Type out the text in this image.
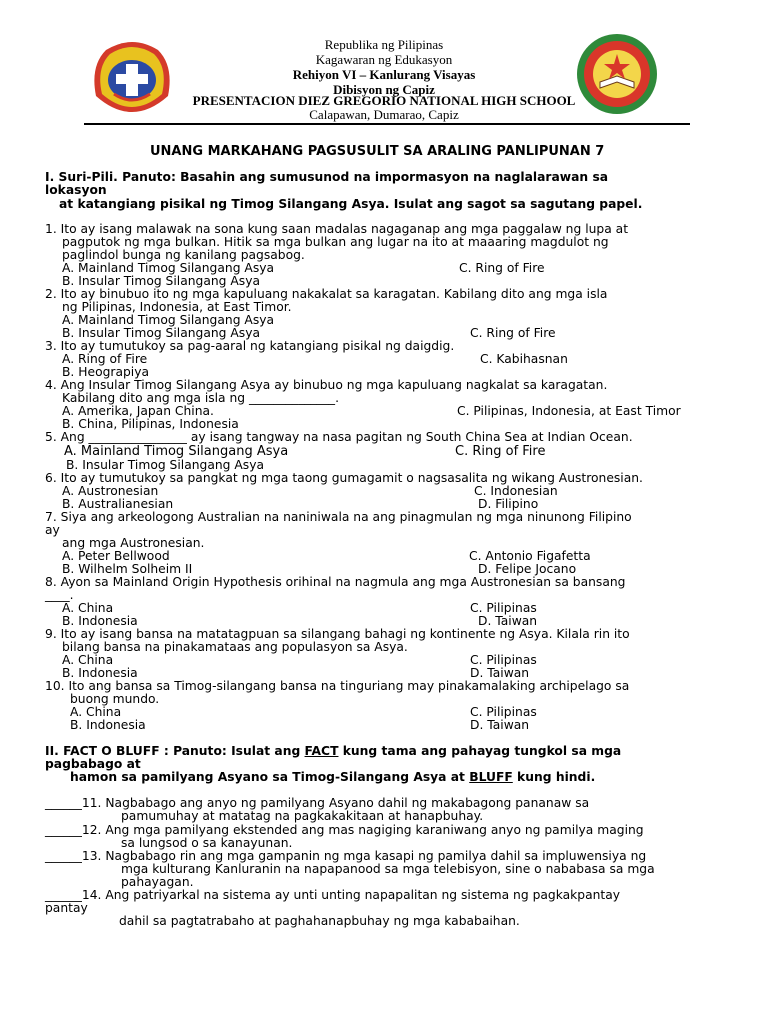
Republika ng Pilipinas
Kagawaran ng Edukasyon
Rehiyon VI – Kanlurang Visayas
Dibisyon ng Capiz
PRESENTACION DIEZ GREGORIO NATIONAL HIGH SCHOOL
Calapawan, Dumarao, Capiz
UNANG MARKAHANG PAGSUSULIT SA ARALING PANLIPUNAN 7
I. Suri-Pili. Panuto: Basahin ang sumusunod na impormasyon na naglalarawan sa
lokasyon
at katangiang pisikal ng Timog Silangang Asya. Isulat ang sagot sa sagutang papel.
1. Ito ay isang malawak na sona kung saan madalas nagaganap ang mga paggalaw ng lupa at
pagputok ng mga bulkan. Hitik sa mga bulkan ang lugar na ito at maaaring magdulot ng
paglindol bunga ng kanilang pagsabog.
A. Mainland Timog Silangang Asya	C. Ring of Fire
B. Insular Timog Silangang Asya
2. Ito ay binubuo ito ng mga kapuluang nakakalat sa karagatan. Kabilang dito ang mga isla
ng Pilipinas, Indonesia, at East Timor.
A. Mainland Timog Silangang Asya
B. Insular Timog Silangang Asya	C. Ring of Fire
3. Ito ay tumutukoy sa pag-aaral ng katangiang pisikal ng daigdig.
A. Ring of Fire	C. Kabihasnan
B. Heograpiya
4. Ang Insular Timog Silangang Asya ay binubuo ng mga kapuluang nagkalat sa karagatan.
Kabilang dito ang mga isla ng ______________.
A. Amerika, Japan China.	C. Pilipinas, Indonesia, at East Timor
B. China, Pilipinas, Indonesia
5. Ang ________________ ay isang tangway na nasa pagitan ng South China Sea at Indian Ocean.
A. Mainland Timog Silangang Asya	C. Ring of Fire
B. Insular Timog Silangang Asya
6. Ito ay tumutukoy sa pangkat ng mga taong gumagamit o nagsasalita ng wikang Austronesian.
A. Austronesian	C. Indonesian
B. Australianesian	D. Filipino
7. Siya ang arkeologong Australian na naniniwala na ang pinagmulan ng mga ninunong Filipino
ay
ang mga Austronesian.
A. Peter Bellwood	C. Antonio Figafetta
B. Wilhelm Solheim II	D. Felipe Jocano
8. Ayon sa Mainland Origin Hypothesis orihinal na nagmula ang mga Austronesian sa bansang
____.
A. China	C. Pilipinas
B. Indonesia	D. Taiwan
9. Ito ay isang bansa na matatagpuan sa silangang bahagi ng kontinente ng Asya. Kilala rin ito
bilang bansa na pinakamataas ang populasyon sa Asya.
A. China	C. Pilipinas
B. Indonesia	D. Taiwan
10. Ito ang bansa sa Timog-silangang bansa na tinguriang may pinakamalaking archipelago sa
buong mundo.
A. China	C. Pilipinas
B. Indonesia	D. Taiwan
II. FACT O BLUFF : Panuto: Isulat ang FACT kung tama ang pahayag tungkol sa mga
pagbabago at
hamon sa pamilyang Asyano sa Timog-Silangang Asya at BLUFF kung hindi.
______11. Nagbabago ang anyo ng pamilyang Asyano dahil ng makabagong pananaw sa
pamumuhay at matatag na pagkakakitaan at hanapbuhay.
______12. Ang mga pamilyang ekstended ang mas nagiging karaniwang anyo ng pamilya maging
sa lungsod o sa kanayunan.
______13. Nagbabago rin ang mga gampanin ng mga kasapi ng pamilya dahil sa impluwensiya ng
mga kulturang Kanluranin na napapanood sa mga telebisyon, sine o nababasa sa mga
pahayagan.
______14. Ang patriyarkal na sistema ay unti unting napapalitan ng sistema ng pagkakpantay
pantay
dahil sa pagtatrabaho at paghahanapbuhay ng mga kababaihan.
